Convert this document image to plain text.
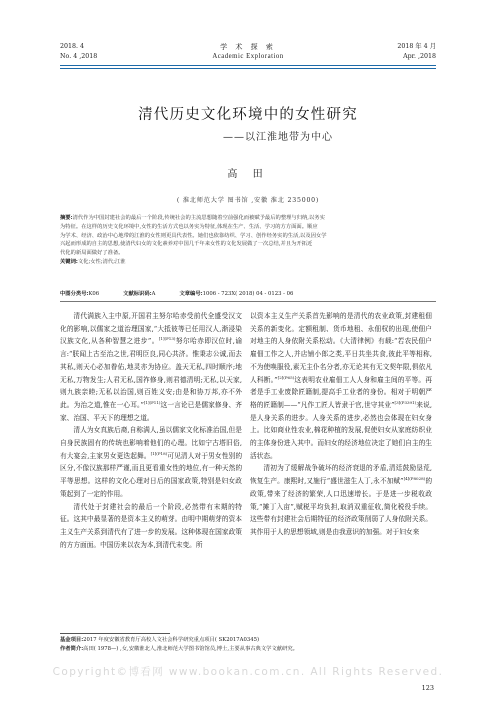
2018. 4
No. 4 ,2018
学 术 探 索
Academic Exploration
2018 年 4 月
Apr. ,2018
清代历史文化环境中的女性研究
——以江淮地带为中心
高 田
( 淮北师范大学 图书馆 ,安徽 淮北 235000)
摘要:清代作为中国封建社会的最后一个阶段,传统社会的主流思想随着空前强化而被赋予最后的整理与归纳,以务实
为特征。在这样的历史文化环境中,女性的生活方式也以务实为特征,体现在生产、生活、学习的方方面面。顺应
为学术、经济、政治中心地带的江淮的女性则更具代表性。她们也依靠纺织、学习、创作经务实的生活,以及因女学
兴起而形成的自主的思想,使清代妇女的文化素养对中国几千年来女性的文化发展做了一次总结,并且为开拓近
代化的新局面做好了准备。
关键词:文化;女性;清代;江淮
中图分类号:K06	文献标识码:A	文章编号:1006 - 723X( 2018) 04 - 0123 - 06

清代满族入主中原,开国君主努尔哈赤受前代全盛受汉文化的影响,以儒家之道治理国家,“大抵彼等已任用汉人,渐浸染汉族文化,从各种智慧之进步”。$^{[1](P13)}$努尔哈赤即汉位时,谕言:“朕闻上古至治之世,君明臣良,同心共济。惟秉志公诚,而去其私,则天心必加眷佑,地灵亦为协应。盖天无私,四时顺序;地无私,万物发生;人君无私,国祚修身,则君德清明;无私,以天家,则九族亲睦;无私以治国,则百姓义安;由是和协万邦,亦不外此。为治之道,惟在一心耳。”$^{[1](P11)}$这一言论已是儒家修身、齐家、治国、平天下的理想之道。

清人为女真族后裔,自称满人,虽以儒家文化标准治国,但是自身民族固有的传统也影响着他们的心理。比如宁古塔旧俗,有大宴会,主家男女更迭起舞。$^{[1](P18)}$可见清人对于男女性别的区分,不像汉族那样严谨,而且更看重女性的地位,有一种天然的平等思想。这样的文化心理对日后的国家政策,特别是妇女政策起到了一定的作用。

清代处于封建社会的最后一个阶段,必然带有末期的特征。这其中最显著的是资本主义的萌芽。由明中期萌芽的资本主义生产关系到清代有了进一步的发展。这种体现在国家政策的方方面面。中国历来以农为本,到清代末变。所

以资本主义生产关系首先影响的是清代的农业政策,封建租佃关系的新变化。定额租制、货币地租、永佃权的出现,使佃户对地主的人身依附关系松动。《大清律例》有载:“若农民佃户雇佃工作之人,并店铺小郎之类,平日共坐共食,彼此平等相称,不为使唤服役,素无主仆名分者,亦无论其有无文契年限,俱依凡人科断。”$^{[2](P65)}$这表明农业雇佃工人人身和雇主间的平等。再者是手工业废除匠籍制,提高手工业者的身份。相对于明朝严格的匠籍制——“凡作工匠人皆隶于官,世守其业”$^{[3](P3391)}$来说,是人身关系的进步。人身关系的进步,必然也会体现在妇女身上。比如商业性农业,棉花种植的发展,促使妇女从家庭纺织业的主体身份进入其中。而妇女的经济地位决定了她们自主的生活状态。

清初为了缓解战争破坏的经济衰退的矛盾,清廷鼓励垦荒,恢复生产。康熙时,又施行“盛世滋生人丁,永不加赋”$^{[4](P8028)}$的政策,带来了经济的繁荣,人口迅速增长。于是进一步税收政策,“摊丁入亩”,赋税平均负担,取消双重征收,简化税役手续。这些带有封建社会后期特征的经济政策削弱了人身依附关系。其作用于人的思想领域,则是由我意识的加强。对于妇女来

基金项目:2017 年度安徽省教育厅高校人文社会科学研究重点项目( SK2017A0345)
作者简介:高田( 1978—) ,女,安徽淮北人,淮北师范大学图书馆馆员,博士,主要从事古典文学文献研究。
Copyright©博看网 www.bookan.com.cn. All Rights Reserved.
123
